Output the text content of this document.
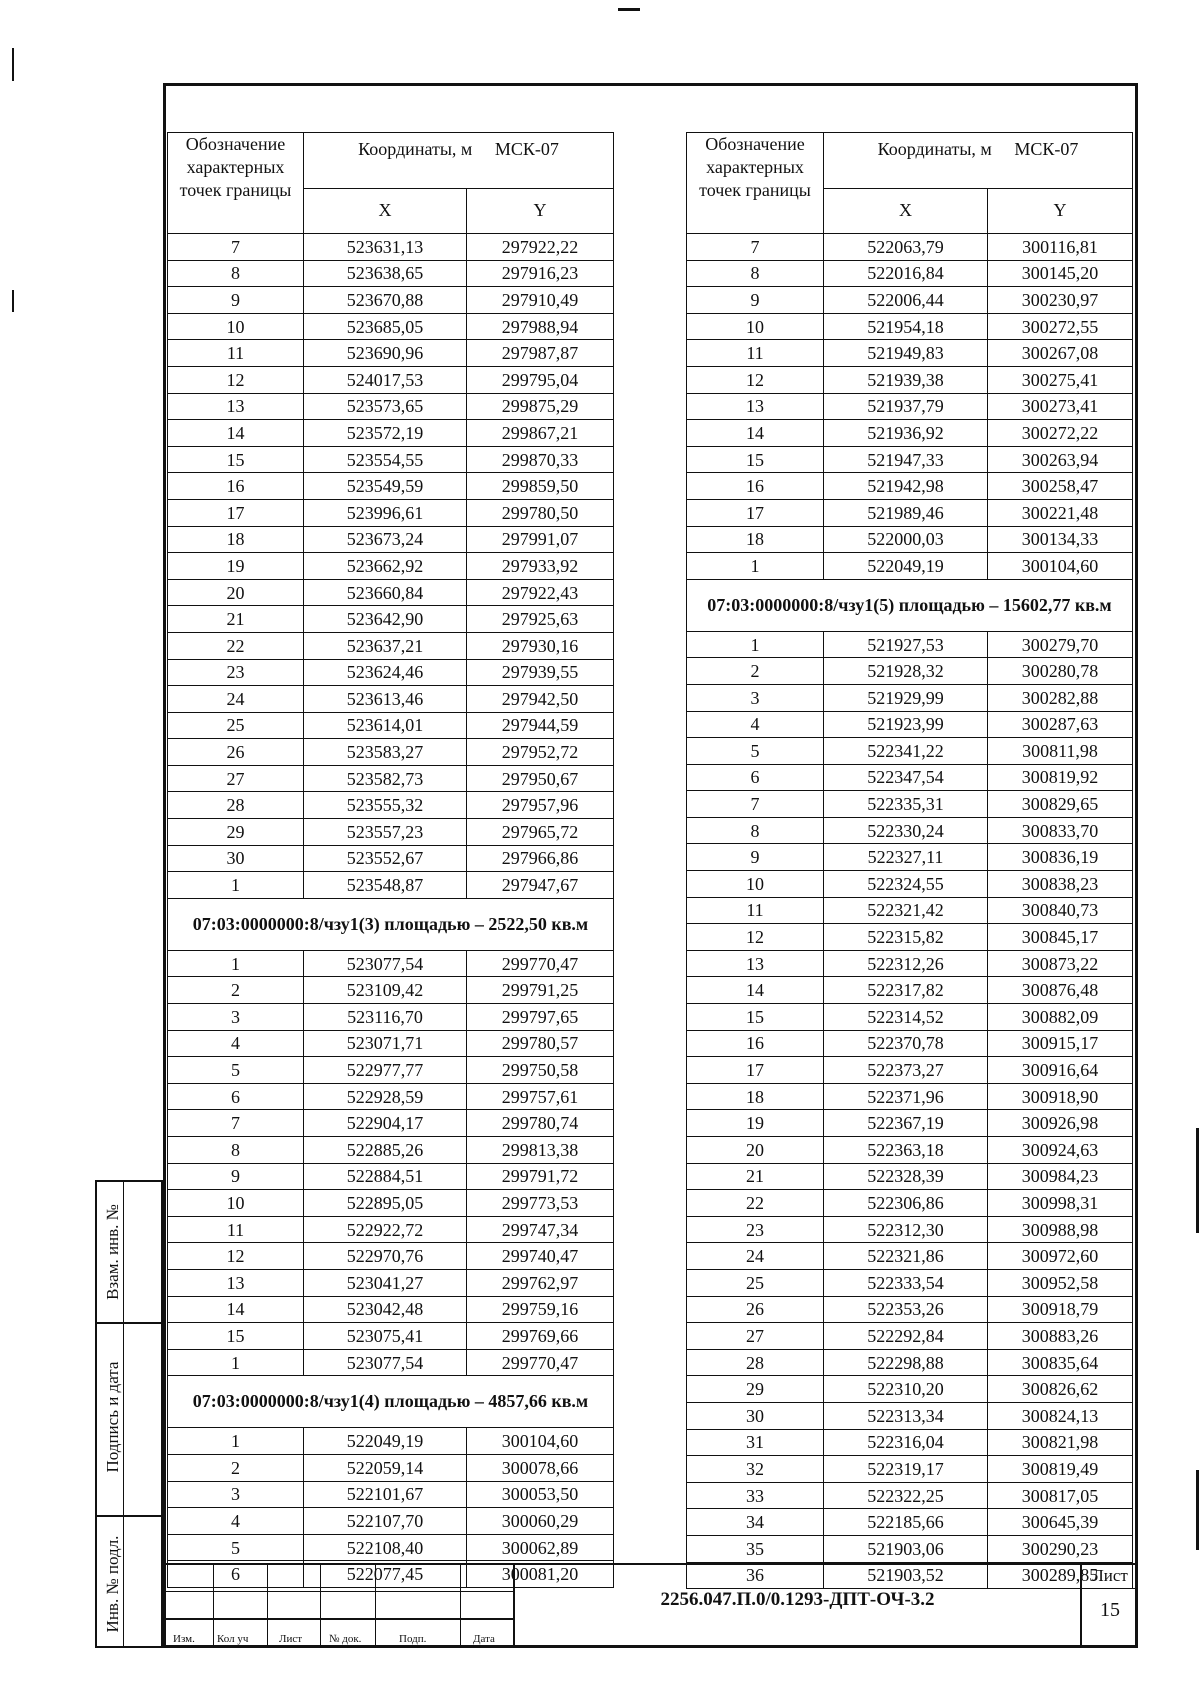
Обозначение характерных точек границы	Координаты, м МСК-07	
	X	Y
7	523631,13	297922,22
8	523638,65	297916,23
9	523670,88	297910,49
10	523685,05	297988,94
11	523690,96	297987,87
12	524017,53	299795,04
13	523573,65	299875,29
14	523572,19	299867,21
15	523554,55	299870,33
16	523549,59	299859,50
17	523996,61	299780,50
18	523673,24	297991,07
19	523662,92	297933,92
20	523660,84	297922,43
21	523642,90	297925,63
22	523637,21	297930,16
23	523624,46	297939,55
24	523613,46	297942,50
25	523614,01	297944,59
26	523583,27	297952,72
27	523582,73	297950,67
28	523555,32	297957,96
29	523557,23	297965,72
30	523552,67	297966,86
1	523548,87	297947,67
07:03:0000000:8/чзу1(3) площадью – 2522,50 кв.м		
1	523077,54	299770,47
2	523109,42	299791,25
3	523116,70	299797,65
4	523071,71	299780,57
5	522977,77	299750,58
6	522928,59	299757,61
7	522904,17	299780,74
8	522885,26	299813,38
9	522884,51	299791,72
10	522895,05	299773,53
11	522922,72	299747,34
12	522970,76	299740,47
13	523041,27	299762,97
14	523042,48	299759,16
15	523075,41	299769,66
1	523077,54	299770,47
07:03:0000000:8/чзу1(4) площадью – 4857,66 кв.м		
1	522049,19	300104,60
2	522059,14	300078,66
3	522101,67	300053,50
4	522107,70	300060,29
5	522108,40	300062,89
6	522077,45	300081,20
Обозначение характерных точек границы	Координаты, м МСК-07	
	X	Y
7	522063,79	300116,81
8	522016,84	300145,20
9	522006,44	300230,97
10	521954,18	300272,55
11	521949,83	300267,08
12	521939,38	300275,41
13	521937,79	300273,41
14	521936,92	300272,22
15	521947,33	300263,94
16	521942,98	300258,47
17	521989,46	300221,48
18	522000,03	300134,33
1	522049,19	300104,60
07:03:0000000:8/чзу1(5) площадью – 15602,77 кв.м		
1	521927,53	300279,70
2	521928,32	300280,78
3	521929,99	300282,88
4	521923,99	300287,63
5	522341,22	300811,98
6	522347,54	300819,92
7	522335,31	300829,65
8	522330,24	300833,70
9	522327,11	300836,19
10	522324,55	300838,23
11	522321,42	300840,73
12	522315,82	300845,17
13	522312,26	300873,22
14	522317,82	300876,48
15	522314,52	300882,09
16	522370,78	300915,17
17	522373,27	300916,64
18	522371,96	300918,90
19	522367,19	300926,98
20	522363,18	300924,63
21	522328,39	300984,23
22	522306,86	300998,31
23	522312,30	300988,98
24	522321,86	300972,60
25	522333,54	300952,58
26	522353,26	300918,79
27	522292,84	300883,26
28	522298,88	300835,64
29	522310,20	300826,62
30	522313,34	300824,13
31	522316,04	300821,98
32	522319,17	300819,49
33	522322,25	300817,05
34	522185,66	300645,39
35	521903,06	300290,23
36	521903,52	300289,85
Взам. инв. №
Подпись и дата
Инв. № подл.
Изм. Кол уч	Лист № док.	Подп.	Дата
2256.047.П.0/0.1293-ДПТ-ОЧ-3.2
Лист
15
